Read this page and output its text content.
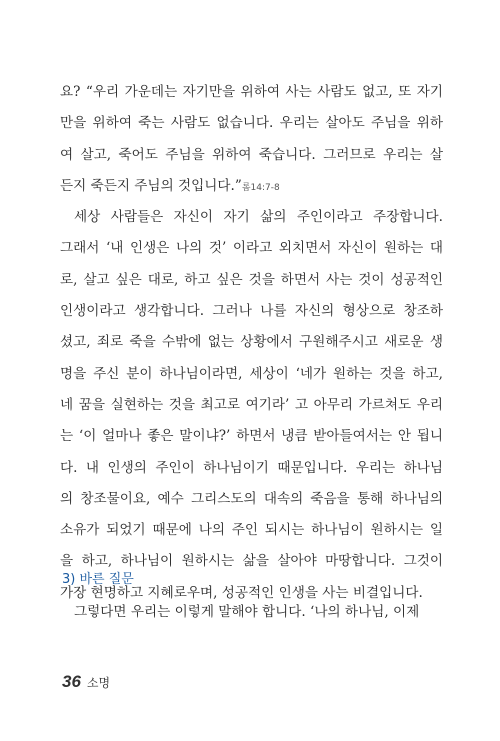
요? “우리 가운데는 자기만을 위하여 사는 사람도 없고, 또 자기
만을 위하여 죽는 사람도 없습니다. 우리는 살아도 주님을 위하
여 살고, 죽어도 주님을 위하여 죽습니다. 그러므로 우리는 살
든지 죽든지 주님의 것입니다.”롬14:7-8
세상 사람들은 자신이 자기 삶의 주인이라고 주장합니다.
그래서 ‘내 인생은 나의 것’ 이라고 외치면서 자신이 원하는 대
로, 살고 싶은 대로, 하고 싶은 것을 하면서 사는 것이 성공적인
인생이라고 생각합니다. 그러나 나를 자신의 형상으로 창조하
셨고, 죄로 죽을 수밖에 없는 상황에서 구원해주시고 새로운 생
명을 주신 분이 하나님이라면, 세상이 ‘네가 원하는 것을 하고,
네 꿈을 실현하는 것을 최고로 여기라’ 고 아무리 가르쳐도 우리
는 ‘이 얼마나 좋은 말이냐?’ 하면서 냉큼 받아들여서는 안 됩니
다. 내 인생의 주인이 하나님이기 때문입니다. 우리는 하나님
의 창조물이요, 예수 그리스도의 대속의 죽음을 통해 하나님의
소유가 되었기 때문에 나의 주인 되시는 하나님이 원하시는 일
을 하고, 하나님이 원하시는 삶을 살아야 마땅합니다. 그것이
가장 현명하고 지혜로우며, 성공적인 인생을 사는 비결입니다.
3) 바른 질문
그렇다면 우리는 이렇게 말해야 합니다. ‘나의 하나님, 이제
36 소명
